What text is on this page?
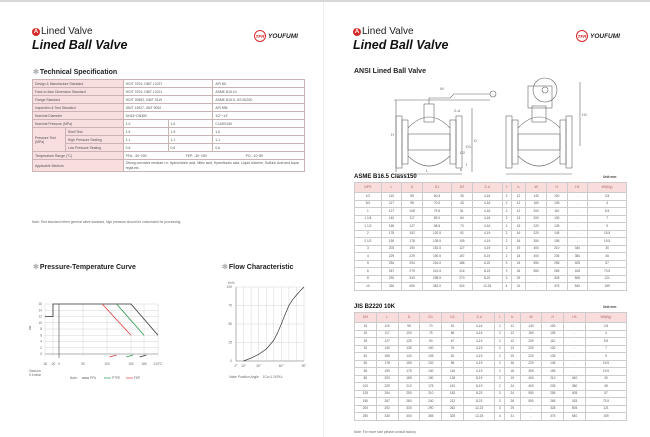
A Lined Valve
Lined Ball Valve
TFR YOUFUMI
✻Technical Specification
Design & Manufacture Standard		HG/T 3704, GB/T 12237		API 6D
Face-to-face Dimension Standard		HG/T 3704, GB/T 12221		ASME B16.10
Flange Standard		HG/T 20592, GB/T 9119		ASME B16.5, JIS B2220
Inspection & Test Standard		GB/T 13927, JB/T 9092		API 598
Nominal Diameter		DN15~DN350		1/2"~14"
Nominal Pressure (MPa)		1.0	1.6	CLASS150
Pressure Test (MPa)	Shell Test	1.5	1.5	1.5
	High Pressure Sealing	1.1	1.1	1.1
	Low Pressure Sealing	0.6	0.6	0.6
Temperature Range (°C)		PFA: -30~200 FEP: -30~150 PO: -10~80		
Applicable Medium		Strong corrosive medium i.e. hydrochloric acid, Nitric acid, Hydrofluoric acid, Liquid chlorine, Sulfuric Acid and Aqua regia etc.		
Note: Test standard refers general valve standard, high pressure should be customized for processing.
✻Pressure-Temperature Curve
0
2
4
6
8
10
12
14
16
-30 -20 0	50	100	150 180 210°C
bar
Note:	PFA	PTFE	FEP
Vacuum
0.1mbar
✻Flow Characteristic
0
25
50
75
100
Kv%
0° 10°	30°	60°	90°
Valve Position Angle 1Cv=1.167Kv
A Lined Valve
Lined Ball Valve
TFR YOUFUMI
ANSI Lined Ball Valve
W
H
Z-d
L
D
D1
D2
b
f
H1
ASME B16.5 Class150	Unit:mm
NPS	L	D	D1	D2	Z-d	f	b	W	H	H1	Wt(Kg)
1/2	110	89	60.5	35	4-16	2	12	140	100	-	3.5
3/4	117	98	70.0	43	4-16	2	12	160	105	-	4
1	127	108	79.5	51	4-16	2	12	200	110	-	5.5
1 1/4	140	117	89.0	64	4-16	2	13	200	130	-	7
1 1/2	165	127	98.5	73	4-16	2	15	220	135	-	9
2	178	152	120.5	92	4-19	2	16	220	145	-	15.5
2 1/2	190	178	139.5	105	4-19	2	18	350	155	-	19.5
3	203	190	152.5	127	4-19	2	19	400	210	340	30
4	229	229	190.5	157	8-19	2	24	400	235	380	45
5	254	254	216.0	186	8-22	3	24	550	255	405	57
6	267	279	241.5	216	8-22	3	26	550	265	425	73.5
8	292	343	298.5	270	8-22	3	29	-	328	505	121
10	330	406	362.0	324	12-25	4	31	-	375	540	159
JIS B2220 10K	Unit:mm
DN	L	D	D1	D2	Z-d	f	b	W	H	H1	Wt(Kg)
15	110	95	70	51	4-16	2	12	140	100	-	3.5
20	117	100	75	56	4-16	2	12	160	105	-	4
25	127	125	90	67	4-19	2	12	200	110	-	5.5
32	140	135	100	76	4-19	2	13	200	130	-	7
40	165	140	105	81	4-19	2	15	220	135	-	9
50	178	155	120	96	4-19	2	16	220	145	-	15.5
65	190	175	140	116	4-19	2	18	350	155	-	19.5
80	203	185	150	126	8-19	2	19	400	210	340	30
100	229	210	175	151	8-19	2	24	400	235	380	45
125	254	250	210	182	8-23	3	24	550	255	405	57
150	267	280	240	212	8-23	3	26	550	265	425	73.5
200	292	330	290	262	12-23	3	29	-	328	505	121
250	330	400	355	325	12-25	4	31	-	375	540	159
Note: For more size please consult factory.
